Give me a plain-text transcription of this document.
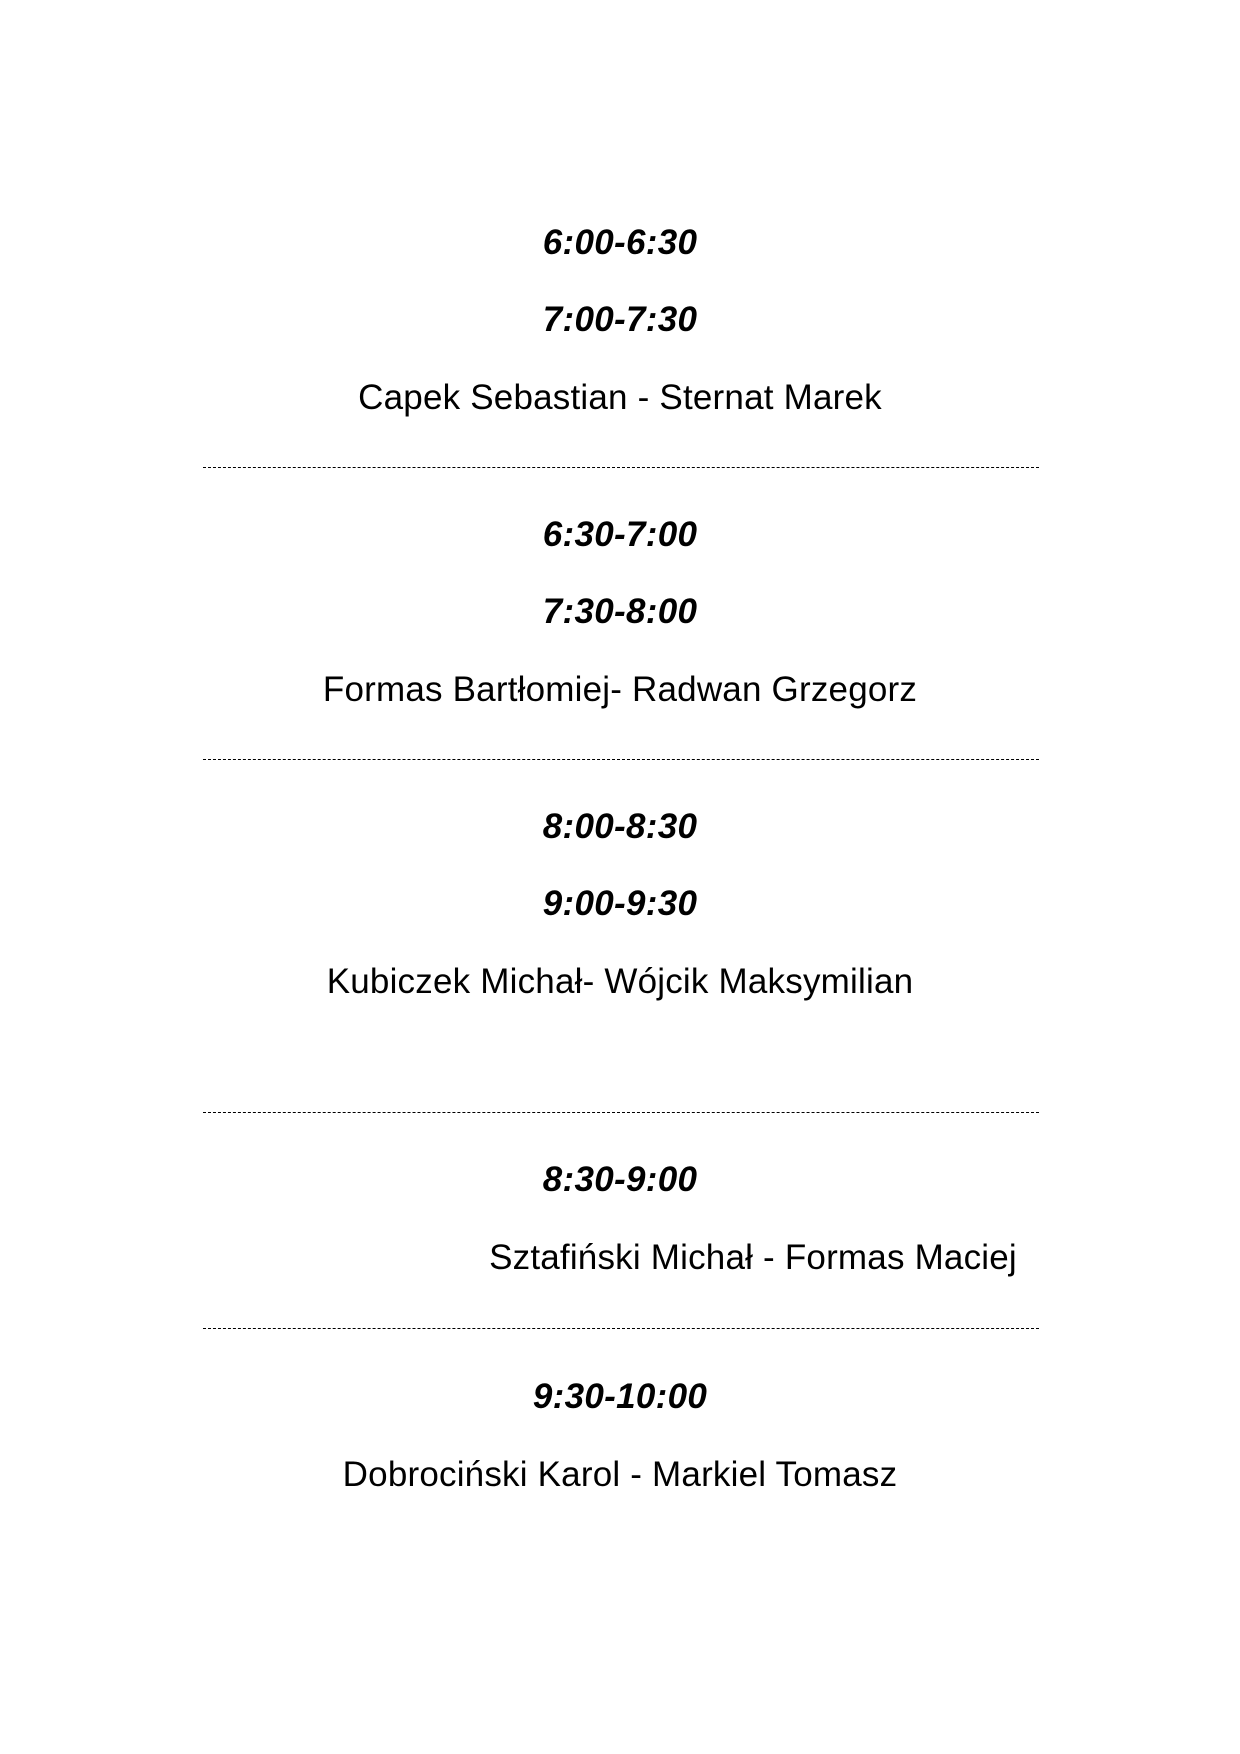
6:00-6:30
7:00-7:30
Capek Sebastian - Sternat Marek
6:30-7:00
7:30-8:00
Formas Bartłomiej- Radwan Grzegorz
8:00-8:30
9:00-9:30
Kubiczek Michał- Wójcik Maksymilian
8:30-9:00
Sztafiński Michał - Formas Maciej
9:30-10:00
Dobrociński Karol - Markiel Tomasz
